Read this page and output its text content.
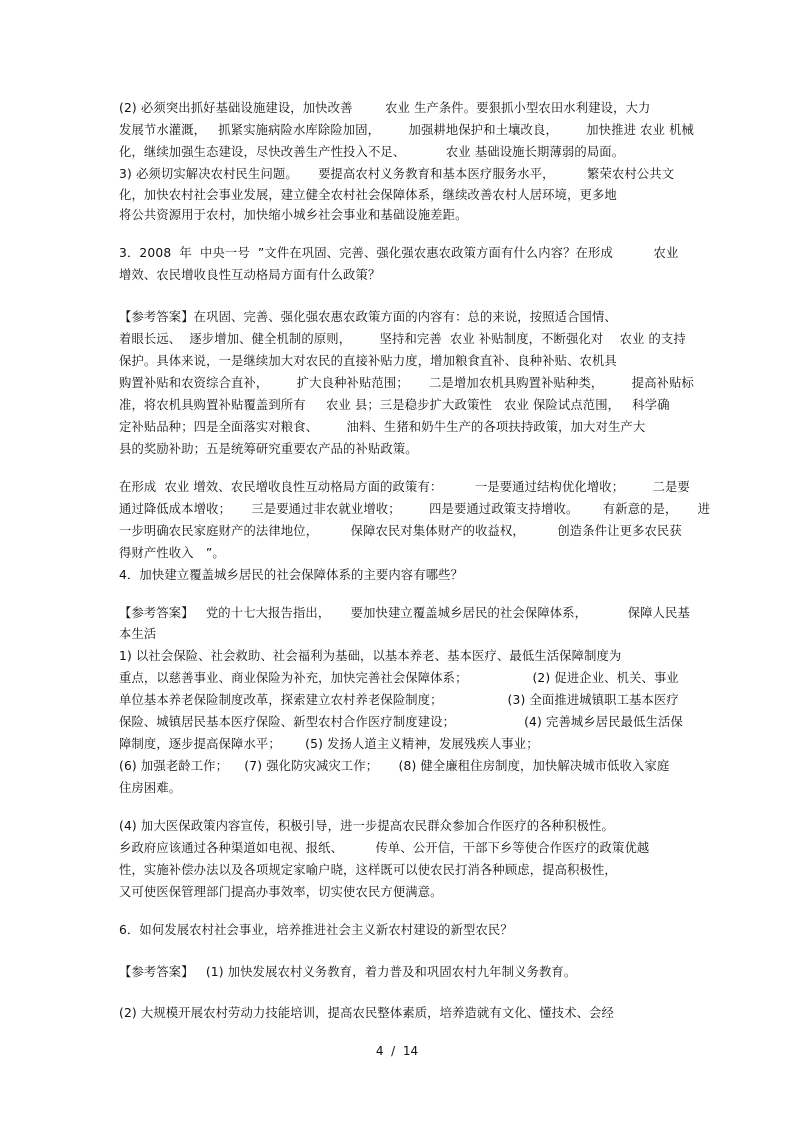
(2) 必须突出抓好基础设施建设，加快改善        农业 生产条件。要狠抓小型农田水利建设，大力
发展节水灌溉，   抓紧实施病险水库除险加固，       加强耕地保护和土壤改良，       加快推进 农业 机械
化，继续加强生态建设，尽快改善生产性投入不足、          农业 基础设施长期薄弱的局面。
3) 必须切实解决农村民生问题。     要提高农村义务教育和基本医疗服务水平，        繁荣农村公共文
化，加快农村社会事业发展，建立健全农村社会保障体系，继续改善农村人居环境，更多地
将公共资源用于农村，加快缩小城乡社会事业和基础设施差距。
3．2008  年  中央一号  ”文件在巩固、完善、强化强农惠农政策方面有什么内容？在形成          农业
增效、农民增收良性互动格局方面有什么政策？
【参考答案】在巩固、完善、强化强农惠农政策方面的内容有：总的来说，按照适合国情、
着眼长远、  逐步增加、健全机制的原则，       坚持和完善  农业 补贴制度，不断强化对    农业 的支持
保护。具体来说，一是继续加大对农民的直接补贴力度，增加粮食直补、良种补贴、农机具
购置补贴和农资综合直补，       扩大良种补贴范围；     二是增加农机具购置补贴种类，       提高补贴标
准，将农机具购置补贴覆盖到所有     农业 县；三是稳步扩大政策性   农业 保险试点范围，   科学确
定补贴品种；四是全面落实对粮食、       油料、生猪和奶牛生产的各项扶持政策，加大对生产大
县的奖励补助；五是统筹研究重要农产品的补贴政策。
在形成  农业 增效、农民增收良性互动格局方面的政策有：        一是要通过结构优化增收；       二是要
通过降低成本增收；     三是要通过非农就业增收；       四是要通过政策支持增收。      有新意的是，     进
一步明确农民家庭财产的法律地位，        保障农民对集体财产的收益权，        创造条件让更多农民获
得财产性收入   ”。
4．加快建立覆盖城乡居民的社会保障体系的主要内容有哪些？
【参考答案】   党的十七大报告指出，     要加快建立覆盖城乡居民的社会保障体系，          保障人民基
本生活
1) 以社会保险、社会救助、社会福利为基础，以基本养老、基本医疗、最低生活保障制度为
重点，以慈善事业、商业保险为补充，加快完善社会保障体系；                (2) 促进企业、机关、事业
单位基本养老保险制度改革，探索建立农村养老保险制度；                (3) 全面推进城镇职工基本医疗
保险、城镇居民基本医疗保险、新型农村合作医疗制度建设；                 (4) 完善城乡居民最低生活保
障制度，逐步提高保障水平；      (5) 发扬人道主义精神，发展残疾人事业；
(6) 加强老龄工作；    (7) 强化防灾减灾工作；     (8) 健全廉租住房制度，加快解决城市低收入家庭
住房困难。
(4) 加大医保政策内容宣传，积极引导，进一步提高农民群众参加合作医疗的各种积极性。
乡政府应该通过各种渠道如电视、报纸、        传单、公开信，干部下乡等使合作医疗的政策优越
性，实施补偿办法以及各项规定家喻户晓，这样既可以使农民打消各种顾虑，提高积极性，
又可使医保管理部门提高办事效率，切实使农民方便满意。
6．如何发展农村社会事业，培养推进社会主义新农村建设的新型农民？
【参考答案】   (1) 加快发展农村义务教育，着力普及和巩固农村九年制义务教育。
(2) 大规模开展农村劳动力技能培训，提高农民整体素质，培养造就有文化、懂技术、会经
4  /  14
